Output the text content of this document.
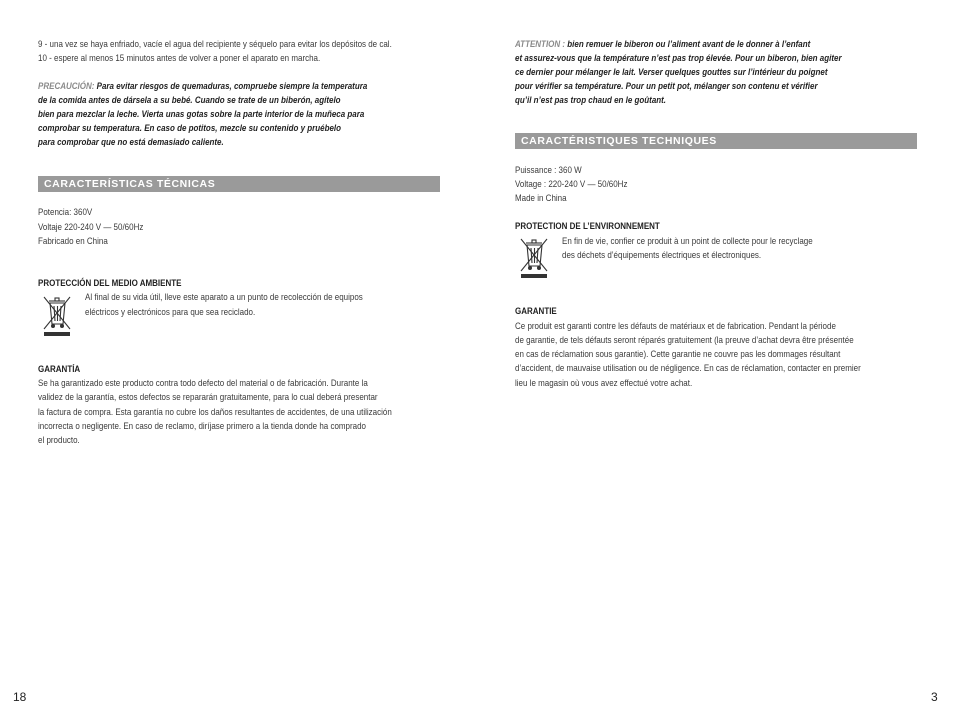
9 - una vez se haya enfriado, vacíe el agua del recipiente y séquelo para evitar los depósitos de cal.
10 - espere al menos 15 minutos antes de volver a poner el aparato en marcha.
PRECAUCIÓN: Para evitar riesgos de quemaduras, compruebe siempre la temperatura
de la comida antes de dársela a su bebé. Cuando se trate de un biberón, agítelo
bien para mezclar la leche. Vierta unas gotas sobre la parte interior de la muñeca para
comprobar su temperatura. En caso de potitos, mezcle su contenido y pruébelo
para comprobar que no está demasiado caliente.
CARACTERÍSTICAS TÉCNICAS
Potencia: 360V
Voltaje 220-240 V — 50/60Hz
Fabricado en China
PROTECCIÓN DEL MEDIO AMBIENTE
Al final de su vida útil, lleve este aparato a un punto de recolección de equipos
eléctricos y electrónicos para que sea reciclado.
GARANTÍA
Se ha garantizado este producto contra todo defecto del material o de fabricación. Durante la
validez de la garantía, estos defectos se repararán gratuitamente, para lo cual deberá presentar
la factura de compra. Esta garantía no cubre los daños resultantes de accidentes, de una utilización
incorrecta o negligente. En caso de reclamo, diríjase primero a la tienda donde ha comprado
el producto.
ATTENTION : bien remuer le biberon ou l’aliment avant de le donner à l’enfant
et assurez-vous que la température n’est pas trop élevée. Pour un biberon, bien agiter
ce dernier pour mélanger le lait. Verser quelques gouttes sur l’intérieur du poignet
pour vérifier sa température. Pour un petit pot, mélanger son contenu et vérifier
qu’il n’est pas trop chaud en le goûtant.
CARACTÉRISTIQUES TECHNIQUES
Puissance : 360 W
Voltage : 220-240 V — 50/60Hz
Made in China
PROTECTION DE L’ENVIRONNEMENT
En fin de vie, confier ce produit à un point de collecte pour le recyclage
des déchets d’équipements électriques et électroniques.
GARANTIE
Ce produit est garanti contre les défauts de matériaux et de fabrication. Pendant la période
de garantie, de tels défauts seront réparés gratuitement (la preuve d’achat devra être présentée
en cas de réclamation sous garantie). Cette garantie ne couvre pas les dommages résultant
d’accident, de mauvaise utilisation ou de négligence. En cas de réclamation, contacter en premier
lieu le magasin où vous avez effectué votre achat.
18	3
